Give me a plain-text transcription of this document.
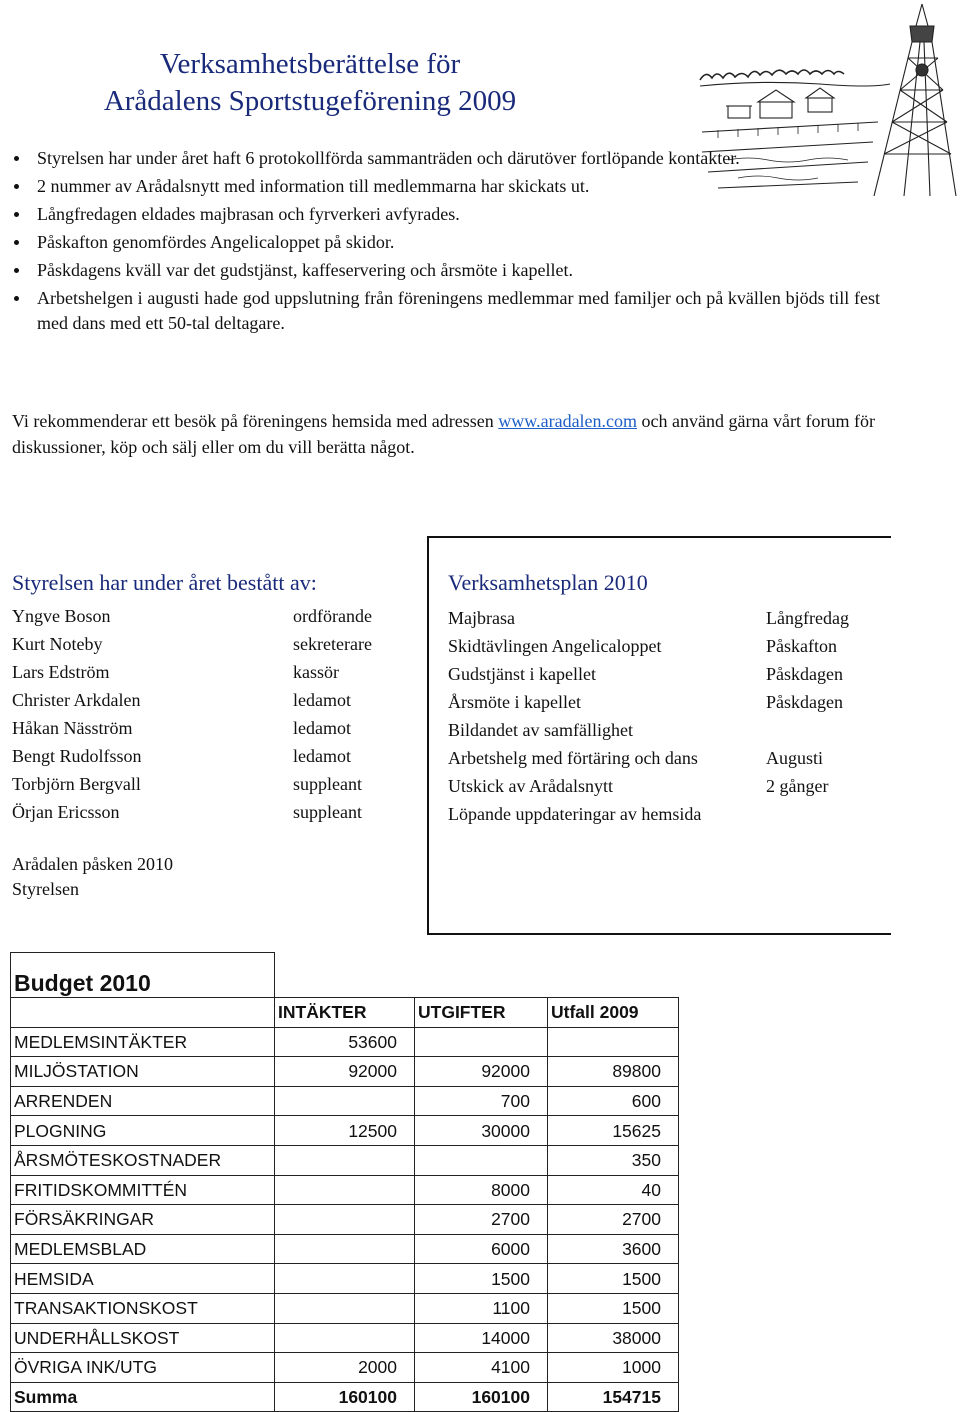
Verksamhetsberättelse för
Arådalens Sportstugeförening 2009
Styrelsen har under året haft 6 protokollförda sammanträden och därutöver fortlöpande kontakter.
2 nummer av Arådalsnytt med information till medlemmarna har skickats ut.
Långfredagen eldades majbrasan och fyrverkeri avfyrades.
Påskafton genomfördes Angelicaloppet på skidor.
Påskdagens kväll var det gudstjänst, kaffeservering och årsmöte i kapellet.
Arbetshelgen i augusti hade god uppslutning från föreningens medlemmar med familjer och på kvällen bjöds till fest med dans med ett 50-tal deltagare.

Vi rekommenderar ett besök på föreningens hemsida med adressen www.aradalen.com och använd gärna vårt forum för diskussioner, köp och sälj eller om du vill berätta något.

Styrelsen har under året bestått av:
Yngve Boson	ordförande
Kurt Noteby	sekreterare
Lars Edström	kassör
Christer Arkdalen	ledamot
Håkan Näsström	ledamot
Bengt Rudolfsson	ledamot
Torbjörn Bergvall	suppleant
Örjan Ericsson	suppleant
Arådalen påsken 2010
Styrelsen
Verksamhetsplan 2010
Majbrasa	Långfredag
Skidtävlingen Angelicaloppet	Påskafton
Gudstjänst i kapellet	Påskdagen
Årsmöte i kapellet	Påskdagen
Bildandet av samfällighet
Arbetshelg med förtäring och dans	Augusti
Utskick av Arådalsnytt	2 gånger
Löpande uppdateringar av hemsida
Budget 2010			
	INTÄKTER	UTGIFTER	Utfall 2009
MEDLEMSINTÄKTER	53600		
MILJÖSTATION	92000	92000	89800
ARRENDEN		700	600
PLOGNING	12500	30000	15625
ÅRSMÖTESKOSTNADER			350
FRITIDSKOMMITTÉN		8000	40
FÖRSÄKRINGAR		2700	2700
MEDLEMSBLAD		6000	3600
HEMSIDA		1500	1500
TRANSAKTIONSKOST		1100	1500
UNDERHÅLLSKOST		14000	38000
ÖVRIGA INK/UTG	2000	4100	1000
Summa	160100	160100	154715
